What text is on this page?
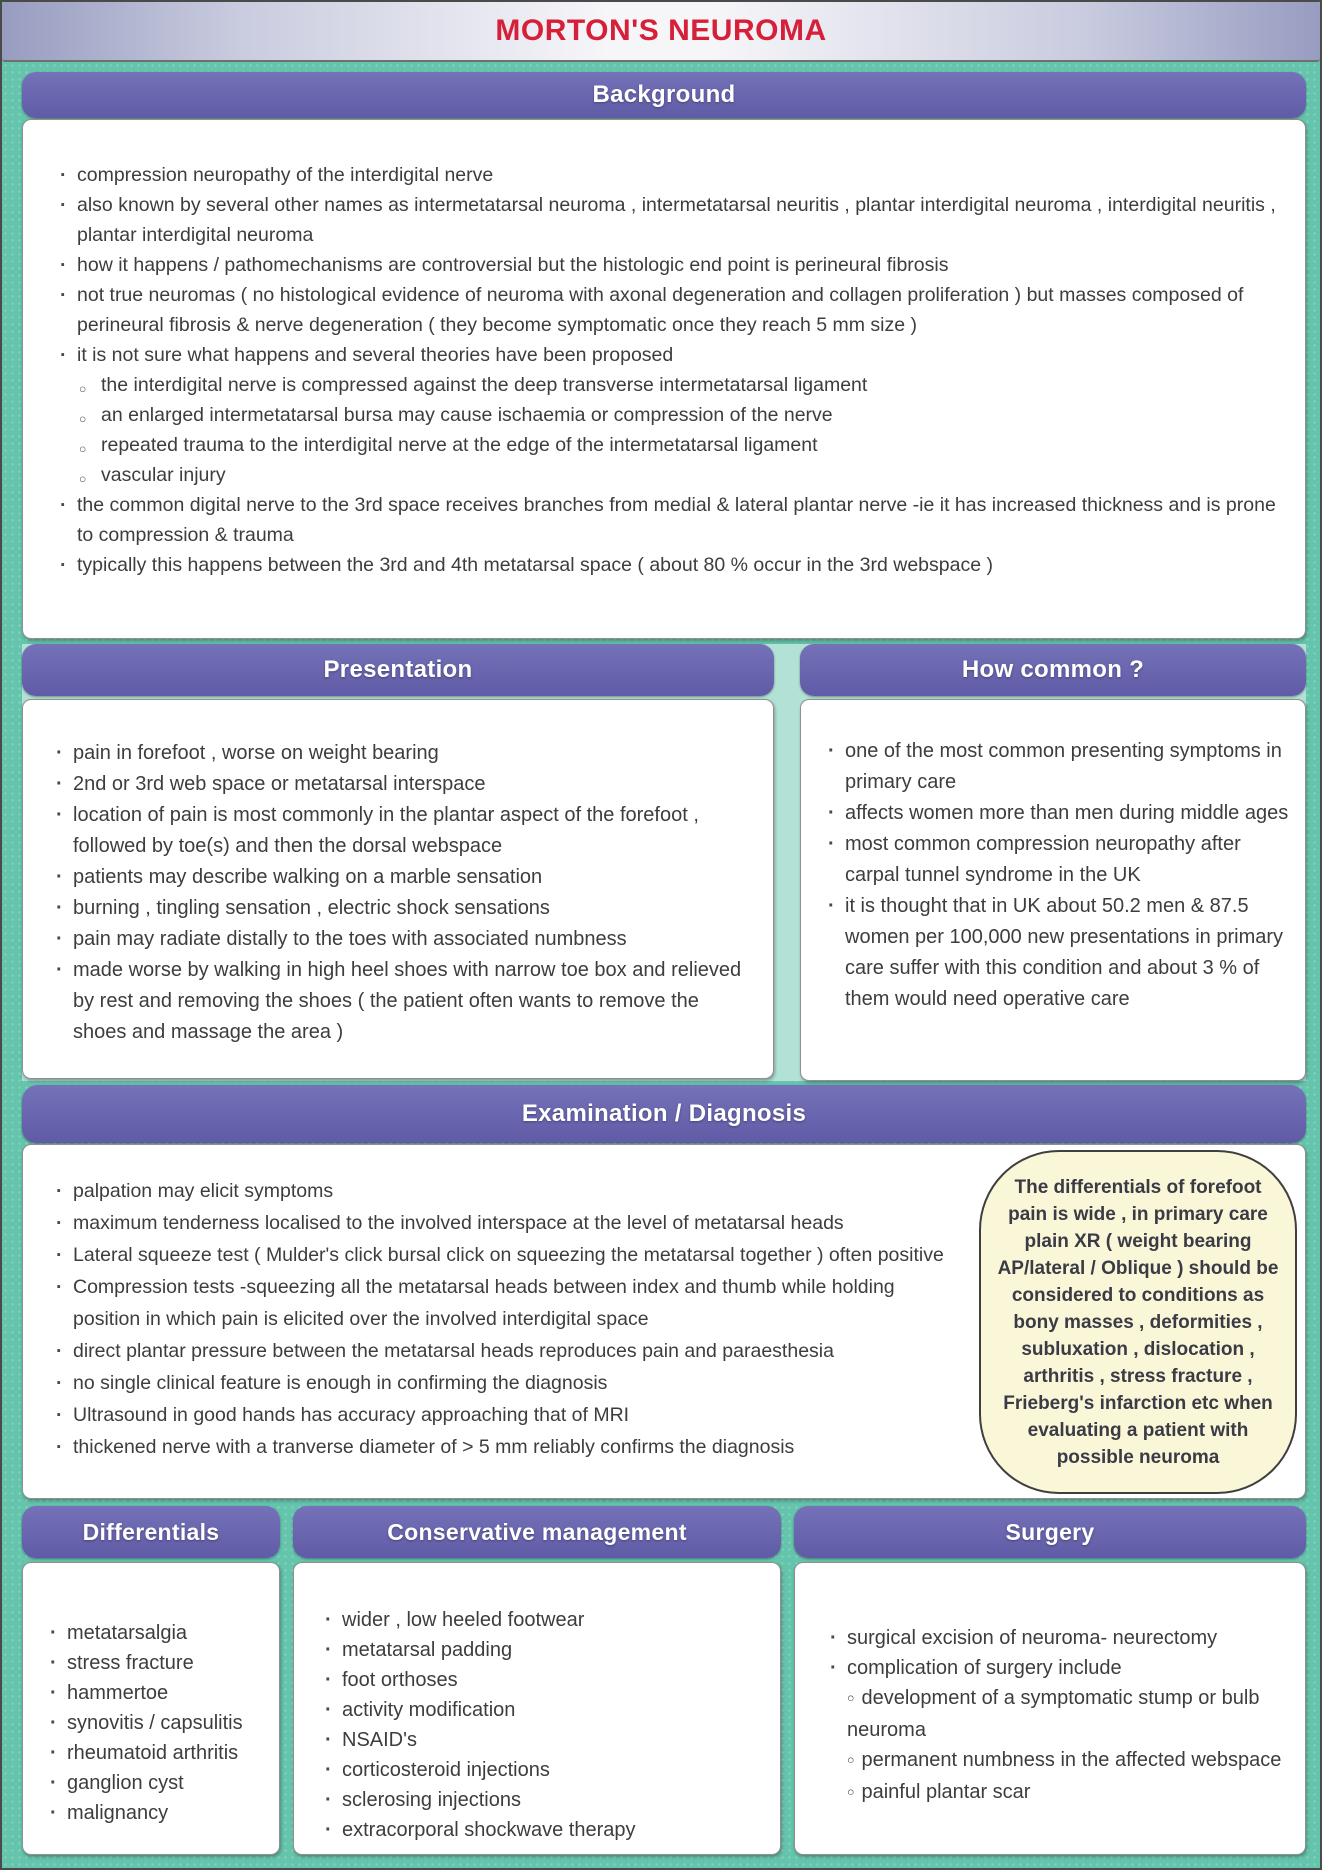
MORTON'S NEUROMA
Background
· compression neuropathy of the interdigital nerve
· also known by several other names as intermetatarsal neuroma , intermetatarsal neuritis , plantar interdigital neuroma , interdigital neuritis , plantar interdigital neuroma
· how it happens / pathomechanisms are controversial but the histologic end point is perineural fibrosis
· not true neuromas ( no histological evidence of neuroma with axonal degeneration and collagen proliferation ) but masses composed of perineural fibrosis & nerve degeneration ( they become symptomatic once they reach 5 mm size )
· it is not sure what happens and several theories have been proposed
○ the interdigital nerve is compressed against the deep transverse intermetatarsal ligament
○ an enlarged intermetatarsal bursa may cause ischaemia or compression of the nerve
○ repeated trauma to the interdigital nerve at the edge of the intermetatarsal ligament
○ vascular injury
· the common digital nerve to the 3rd space receives branches from medial & lateral plantar nerve -ie it has increased thickness and is prone to compression & trauma
· typically this happens between the 3rd and 4th metatarsal space ( about 80 % occur in the 3rd webspace )
Presentation
· pain in forefoot , worse on weight bearing
· 2nd or 3rd web space or metatarsal interspace
· location of pain is most commonly in the plantar aspect of the forefoot , followed by toe(s) and then the dorsal webspace
· patients may describe walking on a marble sensation
· burning , tingling sensation , electric shock sensations
· pain may radiate distally to the toes with associated numbness
· made worse by walking in high heel shoes with narrow toe box and relieved by rest and removing the shoes ( the patient often wants to remove the shoes and massage the area )
How common ?
· one of the most common presenting symptoms in primary care
· affects women more than men during middle ages
· most common compression neuropathy after carpal tunnel syndrome in the UK
· it is thought that in UK about 50.2 men & 87.5 women per 100,000 new presentations in primary care suffer with this condition and about 3 % of them would need operative care
Examination / Diagnosis
· palpation may elicit symptoms
· maximum tenderness localised to the involved interspace at the level of metatarsal heads
· Lateral squeeze test ( Mulder's click bursal click on squeezing the metatarsal together ) often positive
· Compression tests -squeezing all the metatarsal heads between index and thumb while holding position in which pain is elicited over the involved interdigital space
· direct plantar pressure between the metatarsal heads reproduces pain and paraesthesia
· no single clinical feature is enough in confirming the diagnosis
· Ultrasound in good hands has accuracy approaching that of MRI
· thickened nerve with a tranverse diameter of > 5 mm reliably confirms the diagnosis
The differentials of forefoot pain is wide , in primary care plain XR ( weight bearing AP/lateral / Oblique ) should be considered to conditions as bony masses , deformities , subluxation , dislocation , arthritis , stress fracture , Frieberg's infarction etc when evaluating a patient with possible neuroma
Differentials
· metatarsalgia
· stress fracture
· hammertoe
· synovitis / capsulitis
· rheumatoid arthritis
· ganglion cyst
· malignancy
Conservative management
· wider , low heeled footwear
· metatarsal padding
· foot orthoses
· activity modification
· NSAID's
· corticosteroid injections
· sclerosing injections
· extracorporal shockwave therapy
Surgery
· surgical excision of neuroma- neurectomy
· complication of surgery include
○ development of a symptomatic stump or bulb neuroma
○ permanent numbness in the affected webspace
○ painful plantar scar
